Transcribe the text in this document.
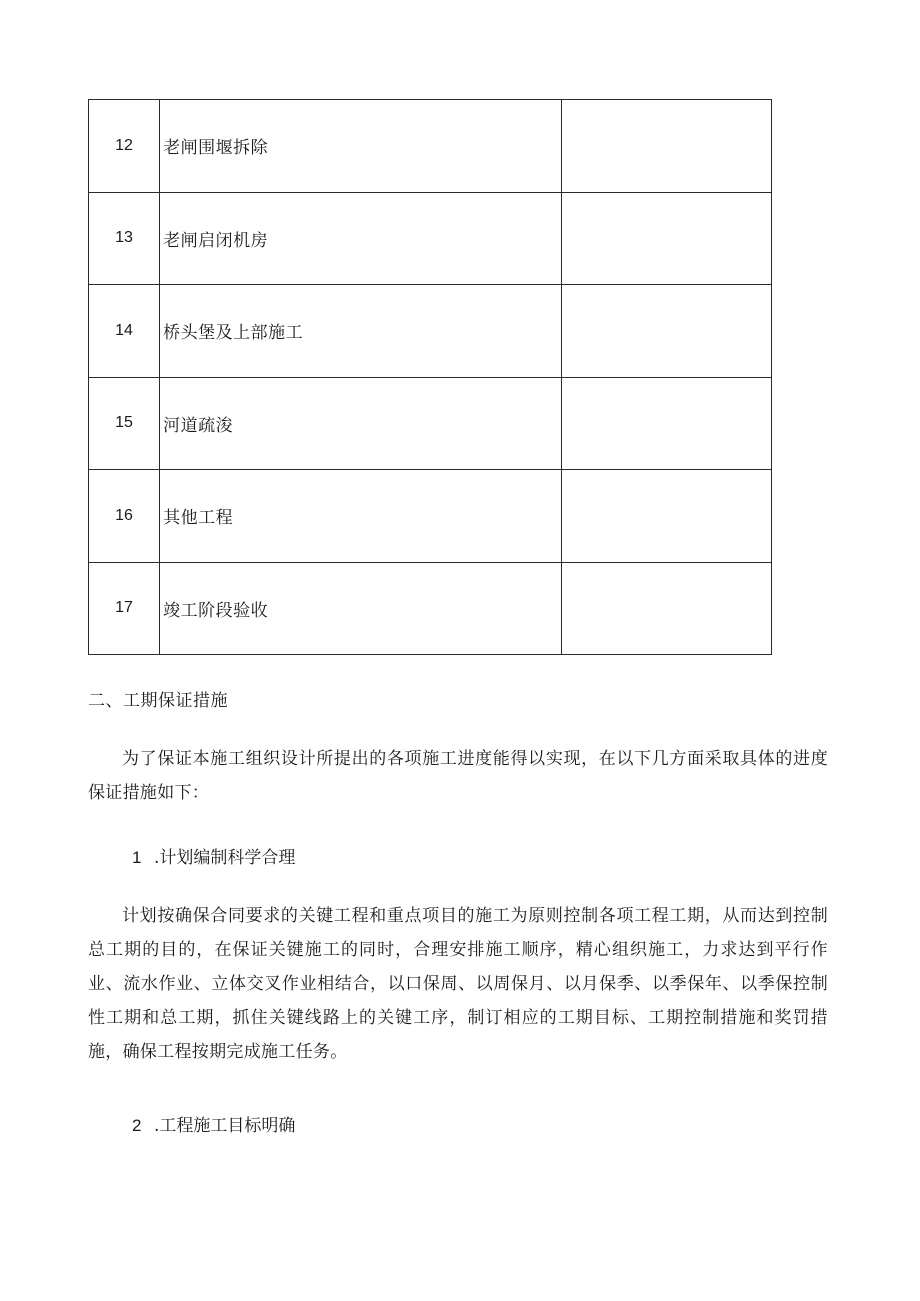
12	老闸围堰拆除	
13	老闸启闭机房	
14	桥头堡及上部施工	
15	河道疏浚	
16	其他工程	
17	竣工阶段验收	

二、工期保证措施

为了保证本施工组织设计所提出的各项施工进度能得以实现，在以下几方面采取具体的进度保证措施如下：

1 .计划编制科学合理

计划按确保合同要求的关键工程和重点项目的施工为原则控制各项工程工期，从而达到控制总工期的目的，在保证关键施工的同时，合理安排施工顺序，精心组织施工，力求达到平行作业、流水作业、立体交叉作业相结合，以口保周、以周保月、以月保季、以季保年、以季保控制性工期和总工期，抓住关键线路上的关键工序，制订相应的工期目标、工期控制措施和奖罚措施，确保工程按期完成施工任务。

2 .工程施工目标明确
